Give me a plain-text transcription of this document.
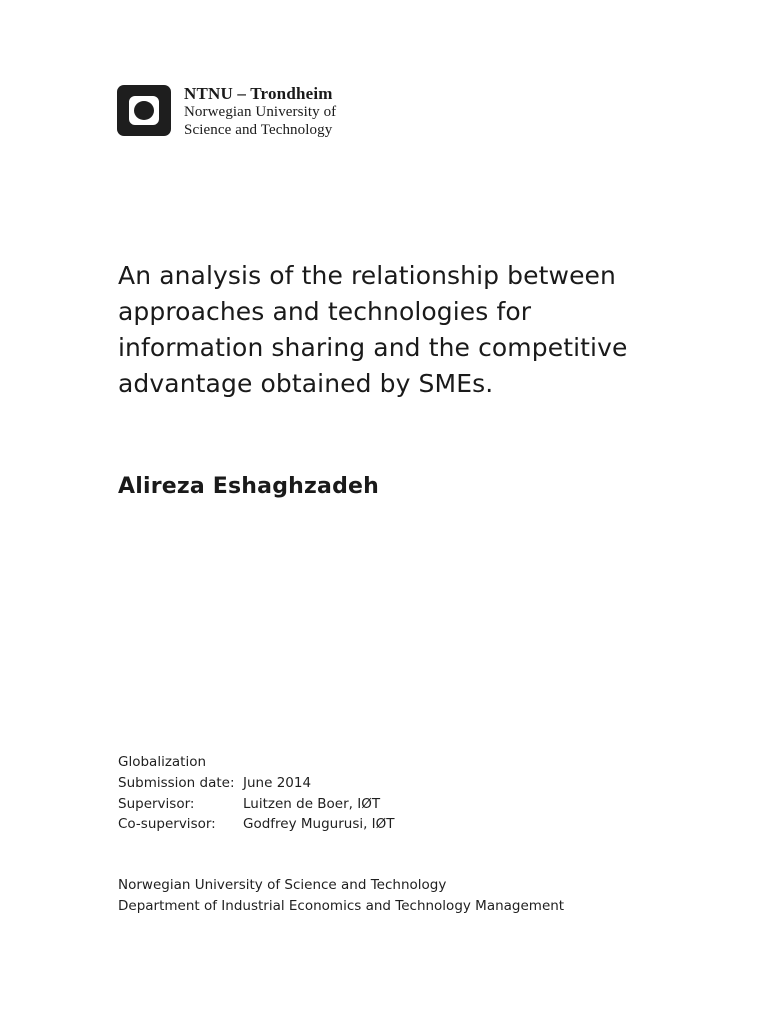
NTNU – Trondheim
Norwegian University of
Science and Technology
An analysis of the relationship between approaches and technologies for information sharing and the competitive advantage obtained by SMEs.
Alireza Eshaghzadeh
Globalization
Submission date: June 2014
Supervisor:	Luitzen de Boer, IØT
Co-supervisor:	Godfrey Mugurusi, IØT
Norwegian University of Science and Technology
Department of Industrial Economics and Technology Management
